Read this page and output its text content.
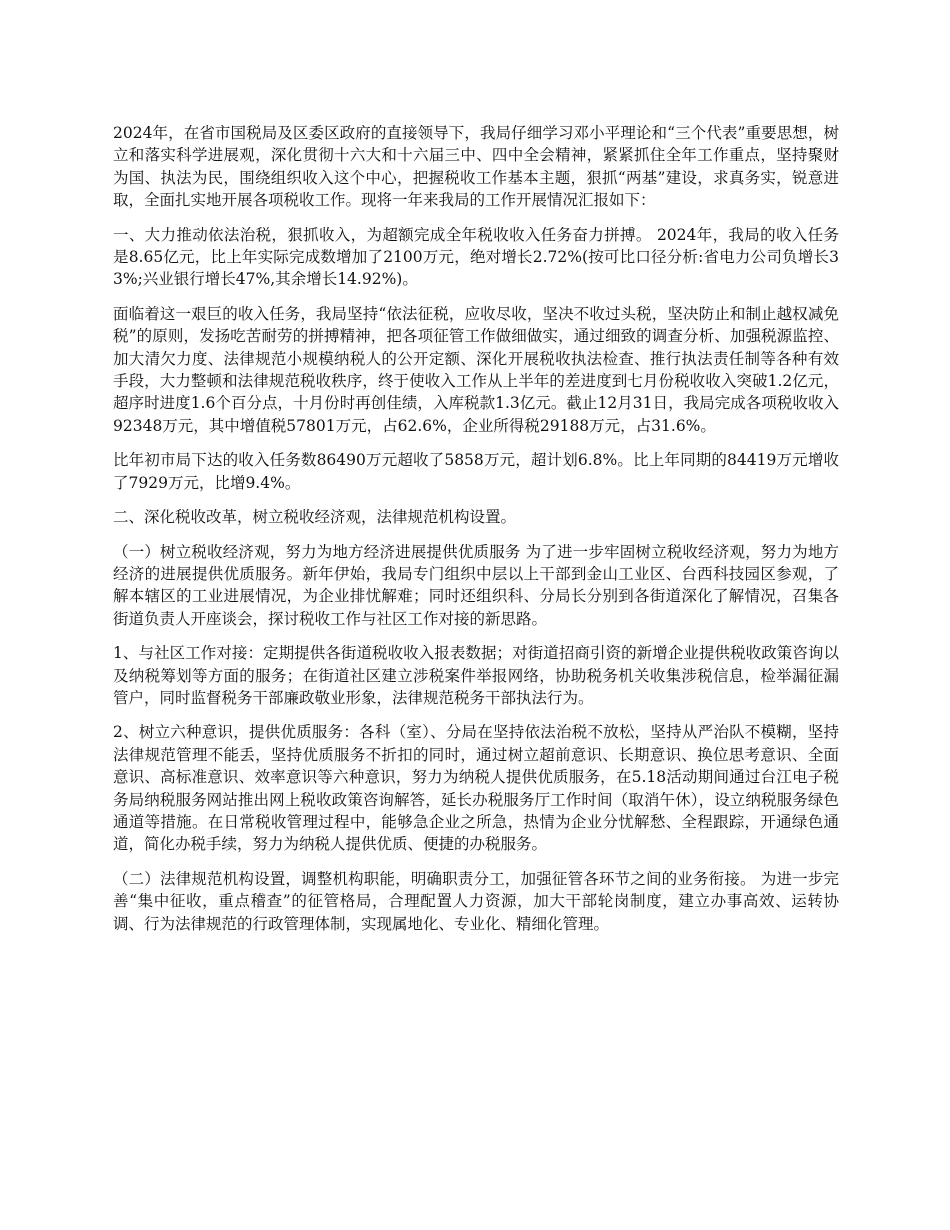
2024年，在省市国税局及区委区政府的直接领导下，我局仔细学习邓小平理论和“三个代表”重要思想，树立和落实科学进展观，深化贯彻十六大和十六届三中、四中全会精神，紧紧抓住全年工作重点，坚持聚财为国、执法为民，围绕组织收入这个中心，把握税收工作基本主题，狠抓“两基”建设，求真务实，锐意进取，全面扎实地开展各项税收工作。现将一年来我局的工作开展情况汇报如下：

一、大力推动依法治税，狠抓收入，为超额完成全年税收收入任务奋力拼搏。 2024年，我局的收入任务是8.65亿元，比上年实际完成数增加了2100万元，绝对增长2.72%(按可比口径分析:省电力公司负增长33%;兴业银行增长47%,其余增长14.92%)。

面临着这一艰巨的收入任务，我局坚持“依法征税，应收尽收，坚决不收过头税，坚决防止和制止越权减免税”的原则，发扬吃苦耐劳的拼搏精神，把各项征管工作做细做实，通过细致的调查分析、加强税源监控、加大清欠力度、法律规范小规模纳税人的公开定额、深化开展税收执法检查、推行执法责任制等各种有效手段，大力整顿和法律规范税收秩序，终于使收入工作从上半年的差进度到七月份税收收入突破1.2亿元，超序时进度1.6个百分点，十月份时再创佳绩，入库税款1.3亿元。截止12月31日，我局完成各项税收收入92348万元，其中增值税57801万元，占62.6%，企业所得税29188万元，占31.6%。

比年初市局下达的收入任务数86490万元超收了5858万元，超计划6.8%。比上年同期的84419万元增收了7929万元，比增9.4%。

二、深化税收改革，树立税收经济观，法律规范机构设置。

（一）树立税收经济观，努力为地方经济进展提供优质服务 为了进一步牢固树立税收经济观，努力为地方经济的进展提供优质服务。新年伊始，我局专门组织中层以上干部到金山工业区、台西科技园区参观，了解本辖区的工业进展情况，为企业排忧解难；同时还组织科、分局长分别到各街道深化了解情况，召集各街道负责人开座谈会，探讨税收工作与社区工作对接的新思路。

1、与社区工作对接：定期提供各街道税收收入报表数据；对街道招商引资的新增企业提供税收政策咨询以及纳税筹划等方面的服务；在街道社区建立涉税案件举报网络，协助税务机关收集涉税信息，检举漏征漏管户，同时监督税务干部廉政敬业形象，法律规范税务干部执法行为。

2、树立六种意识，提供优质服务：各科（室）、分局在坚持依法治税不放松，坚持从严治队不模糊，坚持法律规范管理不能丢，坚持优质服务不折扣的同时，通过树立超前意识、长期意识、换位思考意识、全面意识、高标准意识、效率意识等六种意识，努力为纳税人提供优质服务，在5.18活动期间通过台江电子税务局纳税服务网站推出网上税收政策咨询解答，延长办税服务厅工作时间（取消午休），设立纳税服务绿色通道等措施。在日常税收管理过程中，能够急企业之所急，热情为企业分忧解愁、全程跟踪，开通绿色通道，简化办税手续，努力为纳税人提供优质、便捷的办税服务。

（二）法律规范机构设置，调整机构职能，明确职责分工，加强征管各环节之间的业务衔接。 为进一步完善“集中征收，重点稽查”的征管格局，合理配置人力资源，加大干部轮岗制度，建立办事高效、运转协调、行为法律规范的行政管理体制，实现属地化、专业化、精细化管理。
